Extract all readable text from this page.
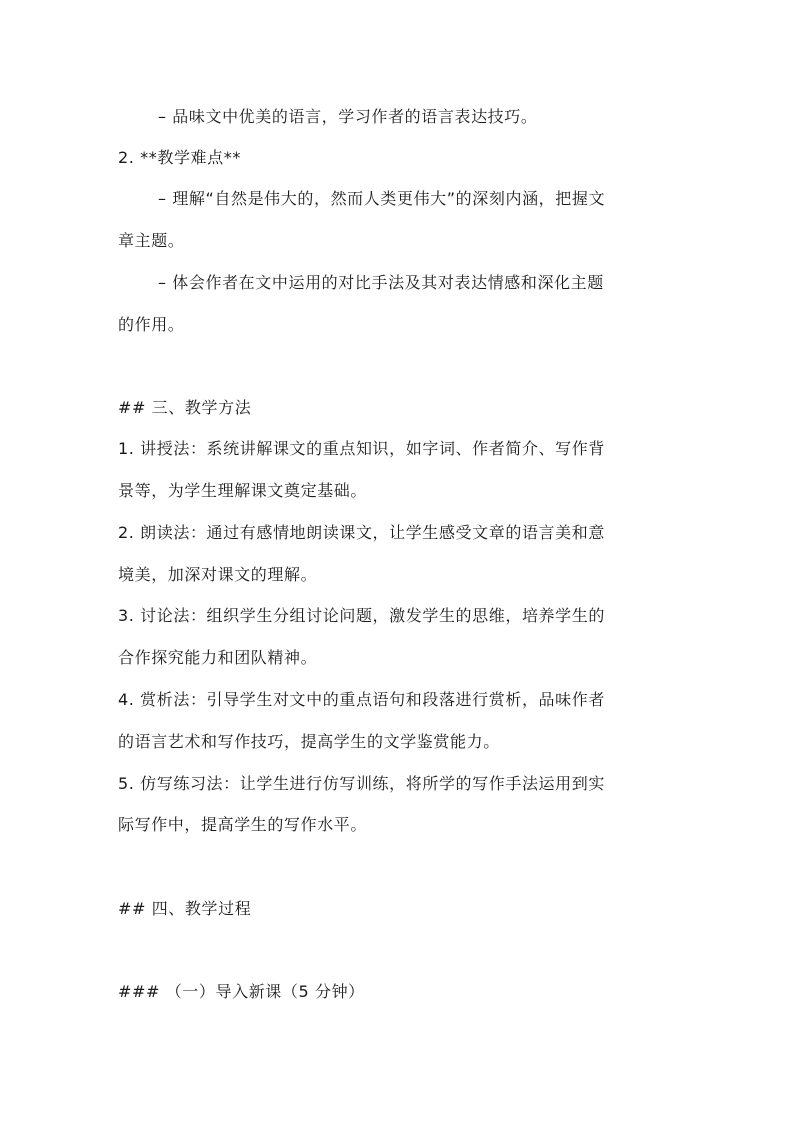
– 品味文中优美的语言，学习作者的语言表达技巧。
2. **教学难点**
– 理解“自然是伟大的，然而人类更伟大”的深刻内涵，把握文
章主题。
– 体会作者在文中运用的对比手法及其对表达情感和深化主题
的作用。
## 三、教学方法
1. 讲授法：系统讲解课文的重点知识，如字词、作者简介、写作背
景等，为学生理解课文奠定基础。
2. 朗读法：通过有感情地朗读课文，让学生感受文章的语言美和意
境美，加深对课文的理解。
3. 讨论法：组织学生分组讨论问题，激发学生的思维，培养学生的
合作探究能力和团队精神。
4. 赏析法：引导学生对文中的重点语句和段落进行赏析，品味作者
的语言艺术和写作技巧，提高学生的文学鉴赏能力。
5. 仿写练习法：让学生进行仿写训练，将所学的写作手法运用到实
际写作中，提高学生的写作水平。
## 四、教学过程
### （一）导入新课（5 分钟）
